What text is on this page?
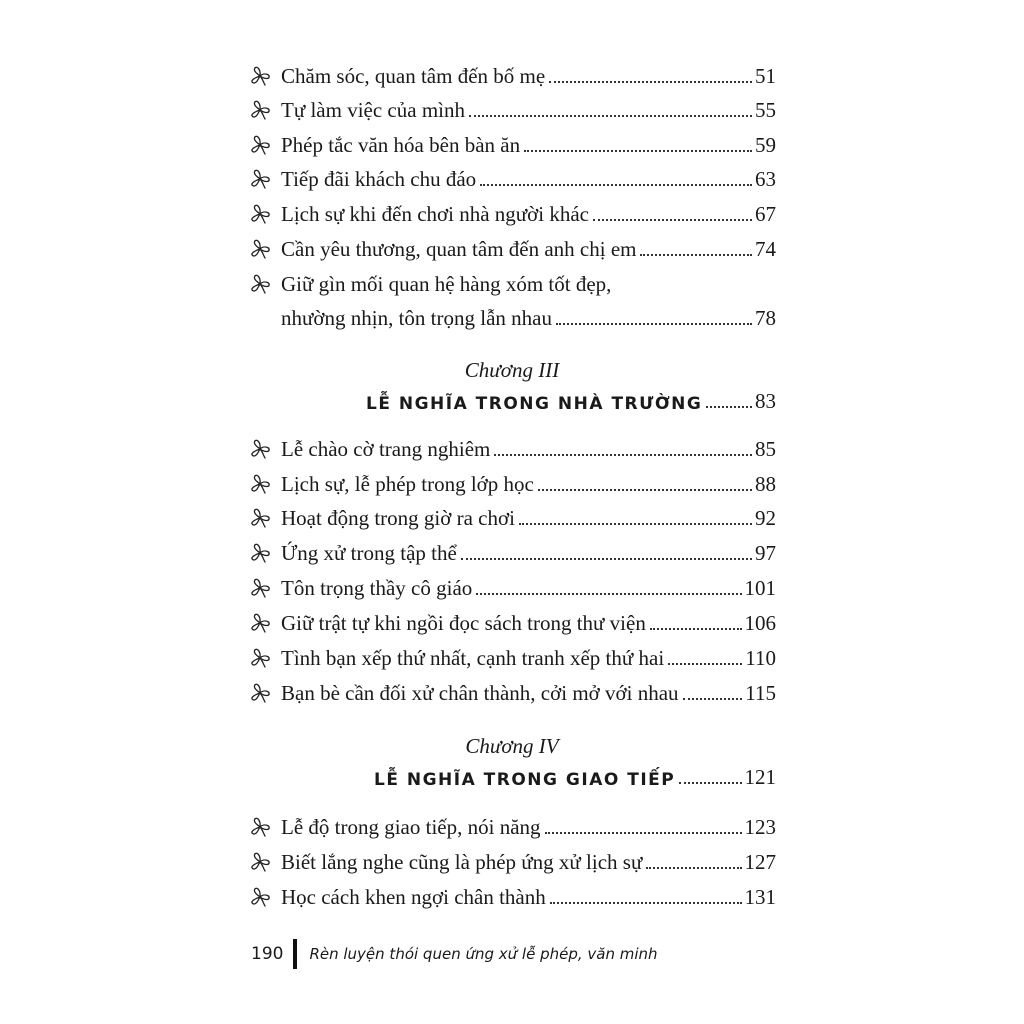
Chăm sóc, quan tâm đến bố mẹ	51
Tự làm việc của mình	55
Phép tắc văn hóa bên bàn ăn	59
Tiếp đãi khách chu đáo	63
Lịch sự khi đến chơi nhà người khác	67
Cần yêu thương, quan tâm đến anh chị em	74
Giữ gìn mối quan hệ hàng xóm tốt đẹp,
nhường nhịn, tôn trọng lẫn nhau	78
Chương III
LỄ NGHĨA TRONG NHÀ TRƯỜNG	83
Lễ chào cờ trang nghiêm	85
Lịch sự, lễ phép trong lớp học	88
Hoạt động trong giờ ra chơi	92
Ứng xử trong tập thể	97
Tôn trọng thầy cô giáo	101
Giữ trật tự khi ngồi đọc sách trong thư viện	106
Tình bạn xếp thứ nhất, cạnh tranh xếp thứ hai	110
Bạn bè cần đối xử chân thành, cởi mở với nhau	115
Chương IV
LỄ NGHĨA TRONG GIAO TIẾP	121
Lễ độ trong giao tiếp, nói năng	123
Biết lắng nghe cũng là phép ứng xử lịch sự	127
Học cách khen ngợi chân thành	131
190 Rèn luyện thói quen ứng xử lễ phép, văn minh
